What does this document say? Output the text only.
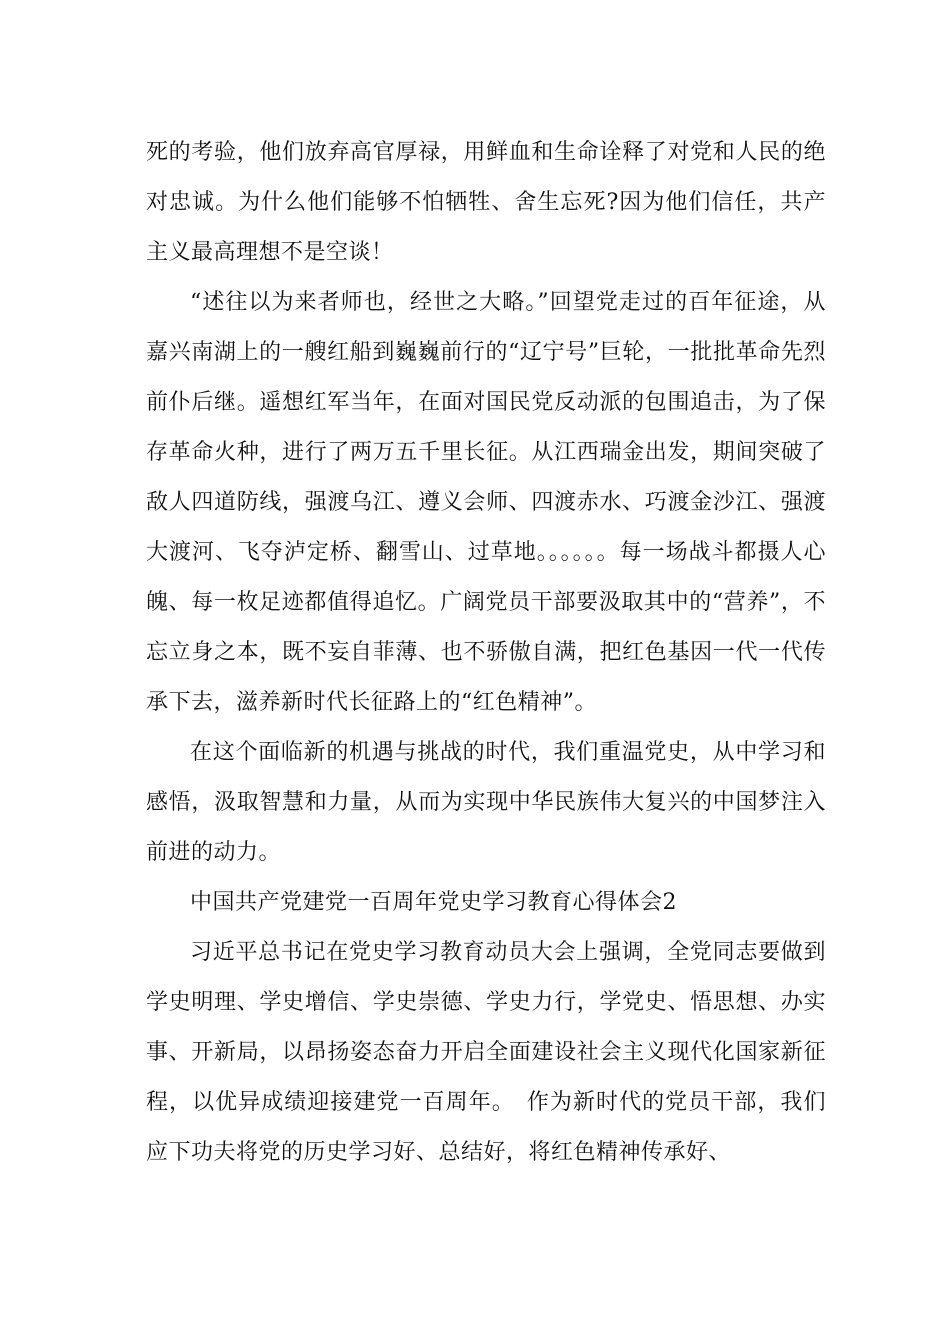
死的考验，他们放弃高官厚禄，用鲜血和生命诠释了对党和人民的绝对忠诚。为什么他们能够不怕牺牲、舍生忘死?因为他们信任，共产主义最高理想不是空谈！

“述往以为来者师也，经世之大略。”回望党走过的百年征途，从嘉兴南湖上的一艘红船到巍巍前行的“辽宁号”巨轮，一批批革命先烈前仆后继。遥想红军当年，在面对国民党反动派的包围追击，为了保存革命火种，进行了两万五千里长征。从江西瑞金出发，期间突破了敌人四道防线，强渡乌江、遵义会师、四渡赤水、巧渡金沙江、强渡大渡河、飞夺泸定桥、翻雪山、过草地。。。。。。每一场战斗都摄人心魄、每一枚足迹都值得追忆。广阔党员干部要汲取其中的“营养”，不忘立身之本，既不妄自菲薄、也不骄傲自满，把红色基因一代一代传承下去，滋养新时代长征路上的“红色精神”。

在这个面临新的机遇与挑战的时代，我们重温党史，从中学习和感悟，汲取智慧和力量，从而为实现中华民族伟大复兴的中国梦注入前进的动力。

中国共产党建党一百周年党史学习教育心得体会2

习近平总书记在党史学习教育动员大会上强调，全党同志要做到学史明理、学史增信、学史崇德、学史力行，学党史、悟思想、办实事、开新局，以昂扬姿态奋力开启全面建设社会主义现代化国家新征程，以优异成绩迎接建党一百周年。　作为新时代的党员干部，我们应下功夫将党的历史学习好、总结好，将红色精神传承好、
